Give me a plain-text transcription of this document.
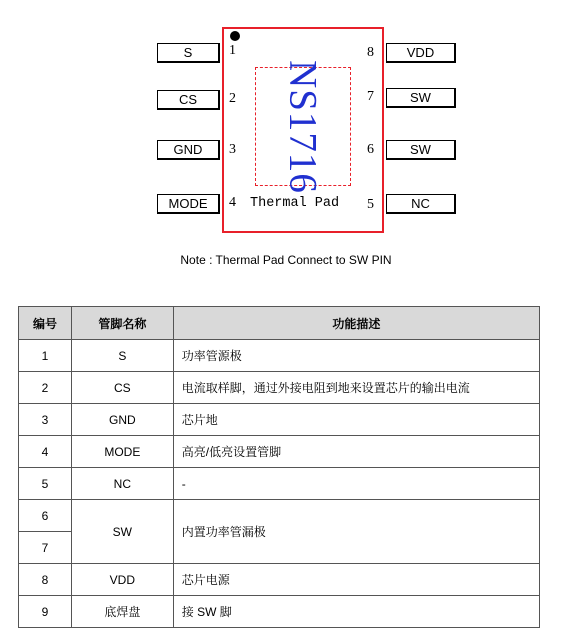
NS1716
Thermal Pad
S	1
CS	2
GND	3
MODE	4
VDD
8
SW
7
SW
6
NC
5
Note : Thermal Pad Connect to SW PIN
编号	管脚名称	功能描述
1	S	功率管源极
2	CS	电流取样脚，通过外接电阻到地来设置芯片的输出电流
3	GND	芯片地
4	MODE	高亮/低亮设置管脚
5	NC	-
6	SW	内置功率管漏极
7		
8	VDD	芯片电源
9	底焊盘	接 SW 脚
